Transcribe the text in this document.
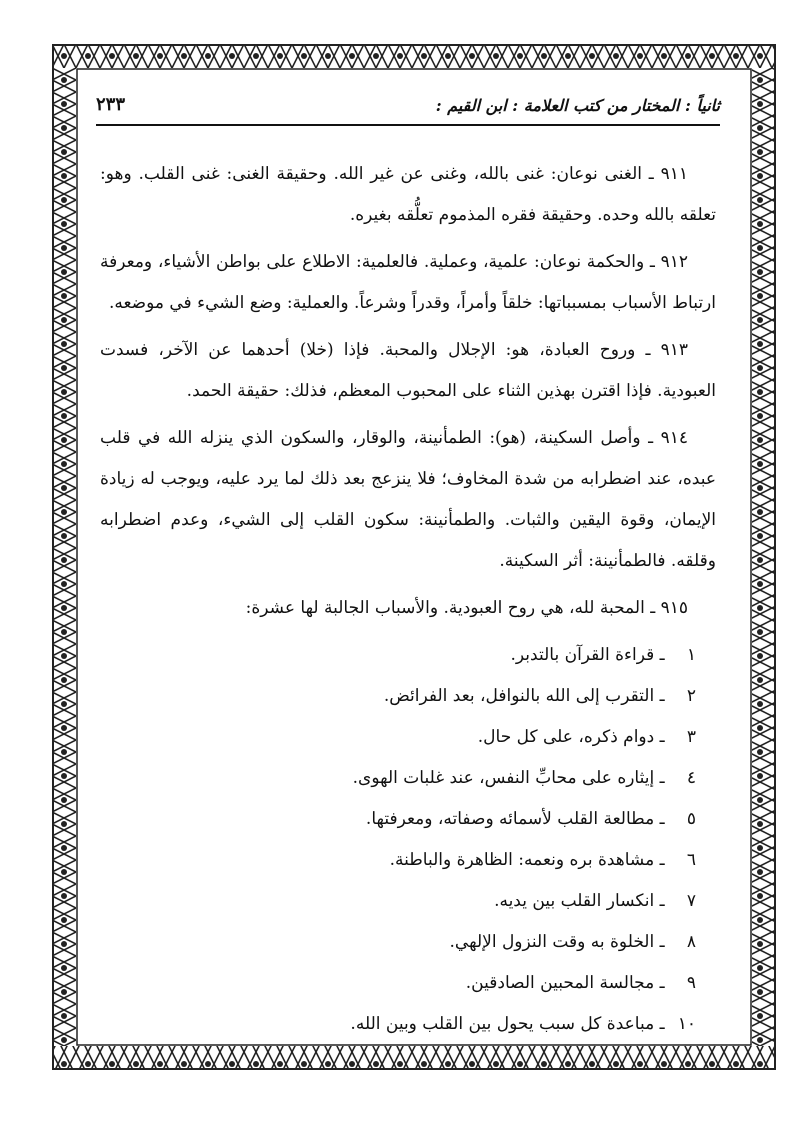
ثانياً : المختار من كتب العلامة : ابن القيم :
٢٣٣

٩١١ ـ الغنى نوعان: غنى بالله، وغنى عن غير الله. وحقيقة الغنى: غنى القلب. وهو: تعلقه بالله وحده. وحقيقة فقره المذموم تعلُّقه بغيره.

٩١٢ ـ والحكمة نوعان: علمية، وعملية. فالعلمية: الاطلاع على بواطن الأشياء، ومعرفة ارتباط الأسباب بمسبباتها: خلقاً وأمراً، وقدراً وشرعاً. والعملية: وضع الشيء في موضعه.

٩١٣ ـ وروح العبادة، هو: الإجلال والمحبة. فإذا (خلا) أحدهما عن الآخر، فسدت العبودية. فإذا اقترن بهذين الثناء على المحبوب المعظم، فذلك: حقيقة الحمد.

٩١٤ ـ وأصل السكينة، (هو): الطمأنينة، والوقار، والسكون الذي ينزله الله في قلب عبده، عند اضطرابه من شدة المخاوف؛ فلا ينزعج بعد ذلك لما يرد عليه، ويوجب له زيادة الإيمان، وقوة اليقين والثبات. والطمأنينة: سكون القلب إلى الشيء، وعدم اضطرابه وقلقه. فالطمأنينة: أثر السكينة.

٩١٥ ـ المحبة لله، هي روح العبودية. والأسباب الجالبة لها عشرة:

١ ـ قراءة القرآن بالتدبر.

٢ ـ التقرب إلى الله بالنوافل، بعد الفرائض.

٣ ـ دوام ذكره، على كل حال.

٤ ـ إيثاره على محابِّ النفس، عند غلبات الهوى.

٥ ـ مطالعة القلب لأسمائه وصفاته، ومعرفتها.

٦ ـ مشاهدة بره ونعمه: الظاهرة والباطنة.

٧ ـ انكسار القلب بين يديه.

٨ ـ الخلوة به وقت النزول الإلهي.

٩ ـ مجالسة المحبين الصادقين.

١٠ ـ مباعدة كل سبب يحول بين القلب وبين الله.
